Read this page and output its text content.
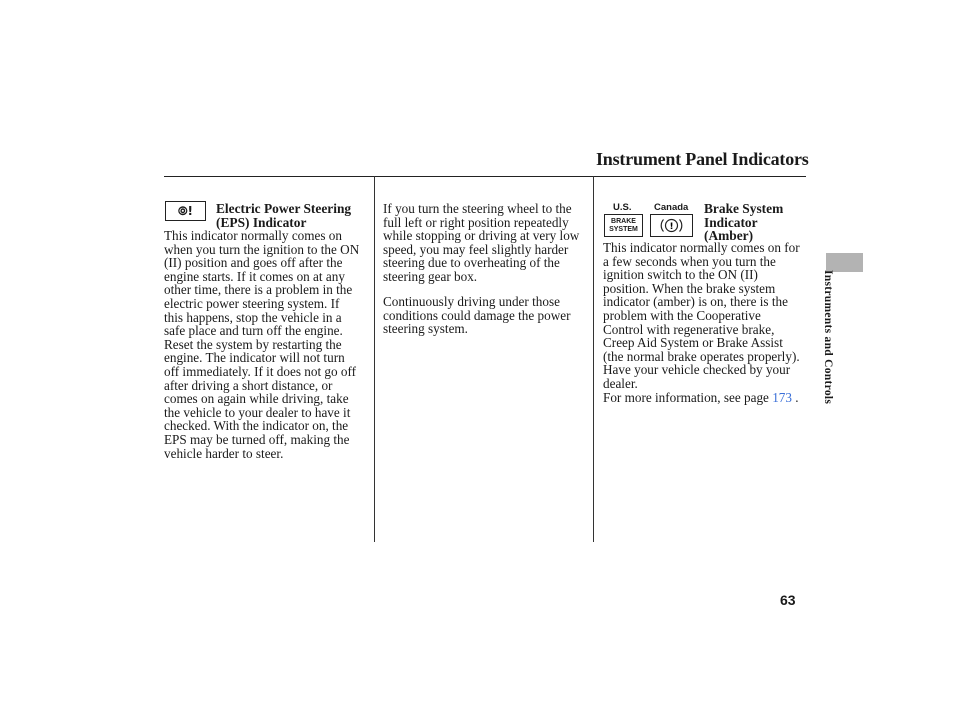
Instrument Panel Indicators
⦾!	Electric Power Steering
(EPS) Indicator
This indicator normally comes on
when you turn the ignition to the ON
(II) position and goes off after the
engine starts. If it comes on at any
other time, there is a problem in the
electric power steering system. If
this happens, stop the vehicle in a
safe place and turn off the engine.
Reset the system by restarting the
engine. The indicator will not turn
off immediately. If it does not go off
after driving a short distance, or
comes on again while driving, take
the vehicle to your dealer to have it
checked. With the indicator on, the
EPS may be turned off, making the
vehicle harder to steer.
If you turn the steering wheel to the
full left or right position repeatedly
while stopping or driving at very low
speed, you may feel slightly harder
steering due to overheating of the
steering gear box.
Continuously driving under those
conditions could damage the power
steering system.
U.S. Canada
BRAKE
SYSTEM	!
Brake System
Indicator
(Amber)
This indicator normally comes on for
a few seconds when you turn the
ignition switch to the ON (II)
position. When the brake system
indicator (amber) is on, there is the
problem with the Cooperative
Control with regenerative brake,
Creep Aid System or Brake Assist
(the normal brake operates properly).
Have your vehicle checked by your
dealer.
For more information, see page 173 .	Instruments and Controls
63
